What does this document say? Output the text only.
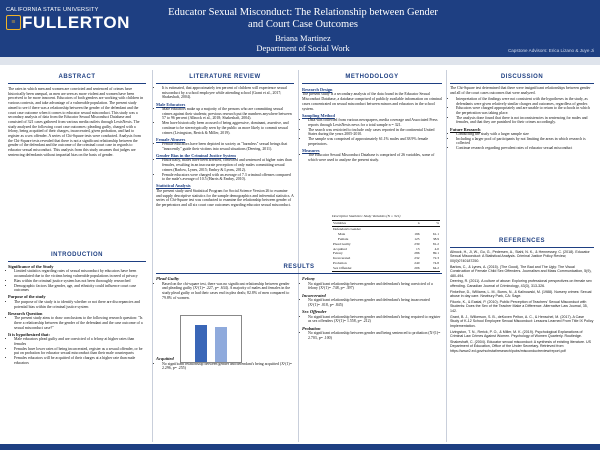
CALIFORNIA STATE UNIVERSITY
≡ FULLERTON
Educator Sexual Misconduct: The Relationship between Gender and Court Case Outcomes
Briana Martinez
Department of Social Work	Capstone Advisors: Erica Lizano & Juye Ji
ABSTRACT

The rates in which men and women are convicted and sentenced of crimes have historically been unequal, as men are seen as more violent and women have been perceived to be more innocent. Educators of both genders are working with children in various contexts, and take advantage of a vulnerable population. The present study aimed to see if there was a relationship between the gender of the defendant and the court case outcome when it comes to educator sexual misconduct. This study was a secondary analysis of data from the Educator Sexual Misconduct Database and consisted of 321 cases gathered from various media outlets through LexisNexis. The study analyzed the following court case outcomes: pleading guilty, charged with a felony, being acquitted of their charges, incarcerated, given probation, and had to register as a sex offender. A series of Chi-Square tests were conducted. Analysis from the Chi-Square tests revealed that there is not a significant relationship between the gender of the defendant and the outcome of the criminal court case in regards to educator sexual misconduct. This analysis from this study assumes that judges are sentencing defendants without impartial bias on the basis of gender.

INTRODUCTION
Significance of the Study
• Limited statistics regarding rates of sexual misconduct by educators have been accumulated due to the victims being vulnerable populations in need of privacy
• Bias within the criminal justice system has not been thoroughly researched
• Demographic factors like gender, age, and ethnicity could influence court case outcomes
Purpose of the study
• The purpose of the study is to identify whether or not there are discrepancies and potential bias within the criminal justice system
Research Question
• The present study aims to draw conclusions to the following research question: "Is there a relationship between the gender of the defendant and the case outcome of a sexual misconduct case?"
It is hypothesized that:
• Male educators plead guilty and are convicted of a felony at higher rates than females
• Females have lower rates of being incarcerated, register as a sexual offender, or be put on probation for educator sexual misconduct than their male counterparts
• Females educators will be acquitted of their charges at a higher rate than male educators
LITERATURE REVIEW
• It is estimated, that approximately ten percent of children will experience sexual misconduct by a school employee while attending school (Grant et al., 2017; Shakeshaft, 2004).
Male Educators
• Male educators make up a majority of the persons who are committing sexual crimes against their students; previous research put the numbers anywhere between 57 to 96 percent (Allnock et al., 2018; Shakeshaft, 2004).
• Men have historically been accused of being aggressive, dominant, assertive, and continue to be stereotypically seen by the public as more likely to commit sexual crimes (Livingston, Rerick & Miller, 2019).
Female Abusers
• Female educators have been depicted in society as "harmless" sexual beings that "innocently" guide their victims into sexual situations (Deering, 2011).
Gender Bias in the Criminal Justice System
• Historically, males have been arrested, convicted and sentenced at higher rates than females, resulting in an inaccurate perception of only males committing sexual crimes (Barlow, Lynes, 2015; Embry & Lyons, 2012).
• Female educators were charged with an average of 7.3 criminal offenses compared to the male's average of 10.5 (Harris & Embry, 2010).
Statistical Analysis

The present study used Statistical Program for Social Science Version 26 to examine and supply descriptive statistics for the sample demographics and inferential statistics. A series of Chi-Square test was conducted to examine the relationship between gender of the perpetrators and all six court case outcomes regarding educator sexual misconduct.

METHODOLOGY
Research Design

The present study is a secondary analysis of the data found in the Educator Sexual Misconduct Database, a database comprised of publicly available information on criminal cases concentrated on sexual misconduct between minors and educators in the school system.

Sampling Method
• Data was collected from various newspapers, media coverage and Associated Press reports through LexisNexis news for a total sample n = 321.
• The search was restricted to include only cases reported in the continental United States during the years 2005-2010.
• The sample was comprised of approximately 61.1% males and 38.9% female perpetrators.
Measures
• The Educator Sexual Misconduct Database is comprised of 26 variables, some of which were used to analyze the present study.
Descriptive Statistics: Study Variables (N = 321)
Variables	n	%
Defendant's Gender		
Male	196	61.1
Female	125	38.9
Plead Guilty	239	81.2
Acquitted	13	4.0
Felony	286	89.1
Incarcerated	232	72.3
Probation	240	74.8
Sex Offender	206	64.2
RESULTS
Plead Guilty
• Based on the chi-square test, there was no significant relationship between gender and pleading guilty (X²(1)= .227, p= .634). A majority of males and females in the study plead guilty or had their cases end in plea deals; 82.8% of men compared to 79.8% of women.
Acquitted
• No significant relationship between gender and defendant's being acquitted (X²(1)= 2.296, p= .255)
Felony
• No significant relationship between gender and defendant's being convicted of a felony (X²(1)= .748, p= .397)
Incarcerated
• No significant relationship between gender and defendant's being incarcerated (X²(1)= .018, p= .845)
Sex Offender
• No significant relationship between gender and defendant's being required to register as sex offenders (X²(1)= 1.558, p= .212)
Probation
• No significant relationship between gender and being sentenced to probation (X²(1)= 2.703, p= .100)
DISCUSSION

The Chi-Square test determined that there were insignificant relationships between gender and all of the court cases outcomes that were analyzed.

• Interpretation of the findings were not consistent with the hypotheses in the study, as defendants were given relatively similar charges and outcomes, regardless of gender.
• Educators were charged appropriately and are unable to return to the schools in which the perpetration was taking place.
• The analysis done found that there is not inconsistencies in sentencing for males and females, and that they are punished for their crimes accordingly.
Future Research
• Conducting the study with a larger sample size
• Including a larger pool of participants by not limiting the areas in which research is collected
• Continue research regarding prevalent rates of educator sexual misconduct
REFERENCES

Allnock, H., Ji, W., Gu, G., Pedersen, A., Stahl, N. K., & Hennessey, C. (2018). Educator Sexual Misconduct: A Statistical Analysis. Criminal Justice Policy Review, 00(0)0740187250.

Barlow, C., & Lynes, A. (2015). (The Good), The Bad and The Ugly: The Visual Construction of Female Child Sex Offenders. Journalism and Mass Communication, 5(9), 480-494.

Deering, R. (2011). A culture of abuse: Exploring professional perspectives on female sex offending. Canadian Journal of Criminology, 43(3), 313-326.

Finkelhor, D., Williams, L. M., Burns, N., & Kalinowski, M. (1988). Nursery crimes: Sexual abuse in day care. Newbury Park, CA: Sage.

Fikoric, K., & Eastal, P. (2010). Public Perception of Teachers' Sexual Misconduct with Students: Does the Sex of the Teacher Make a Difference. Alternative Law Journal, 35, 142.

Grant, B. J., Wilkerson, S. B., deKoven Pelton, A. C., & Henschel, M. (2017). A Case Study of K-12 School Employee Sexual Misconduct: Lessons Learned From Title IX Policy Implementation.

Livingston, T. N., Rerick, P. O., & Miller, M. K. (2019). Psychological Explanations of Criminal Law Crimes Against Women. Psychology of Women Quarterly. Routledge.

Shakeshaft, C. (2004). Educator sexual misconduct: A synthesis of existing literature. US Department of Education, Office of the Under Secretary. Retrieved from https://www2.ed.gov/rschstat/research/pubs/misconductreview/report.pdf
